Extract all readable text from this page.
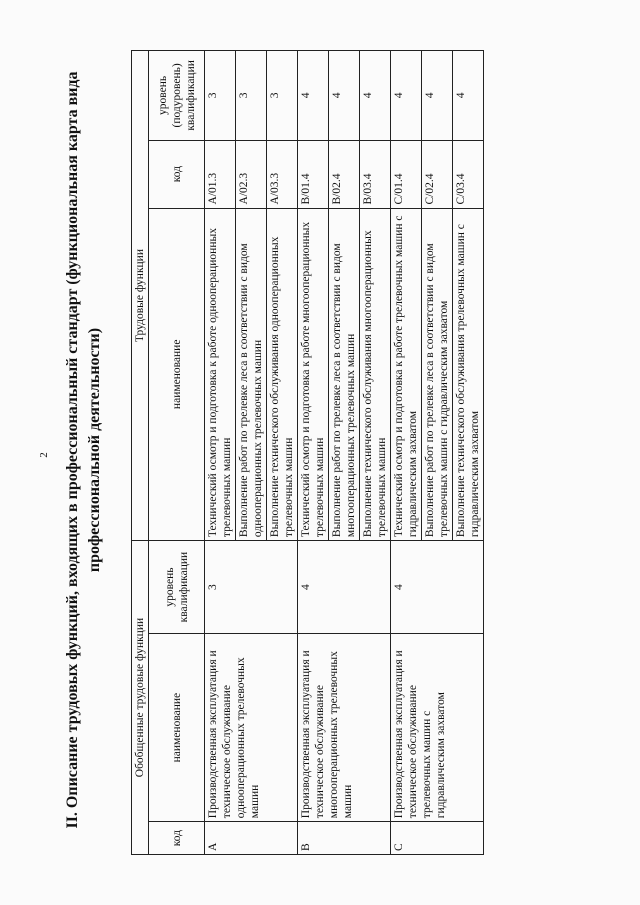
2 II. Описание трудовых функций, входящих в профессиональный стандарт (функциональная карта вида профессиональной деятельности)
Обобщенные трудовые функции			Трудовые функции		
код	наименование	уровень квалификации	наименование	код	уровень (подуровень) квалификации
A	Производственная эксплуатация и техническое обслуживание однооперационных трелевочных машин	3	Технический осмотр и подготовка к работе однооперационных трелевочных машин	A/01.3	3
			Выполнение работ по трелевке леса в соответствии с видом однооперационных трелевочных машин	A/02.3	3
			Выполнение технического обслуживания однооперационных трелевочных машин	A/03.3	3
B	Производственная эксплуатация и техническое обслуживание многооперационных трелевочных машин	4	Технический осмотр и подготовка к работе многооперационных трелевочных машин	B/01.4	4
			Выполнение работ по трелевке леса в соответствии с видом многооперационных трелевочных машин	B/02.4	4
			Выполнение технического обслуживания многооперационных трелевочных машин	B/03.4	4
C	Производственная эксплуатация и техническое обслуживание трелевочных машин с гидравлическим захватом	4	Технический осмотр и подготовка к работе трелевочных машин с гидравлическим захватом	C/01.4	4
			Выполнение работ по трелевке леса в соответствии с видом трелевочных машин с гидравлическим захватом	C/02.4	4
			Выполнение технического обслуживания трелевочных машин с гидравлическим захватом	C/03.4	4
